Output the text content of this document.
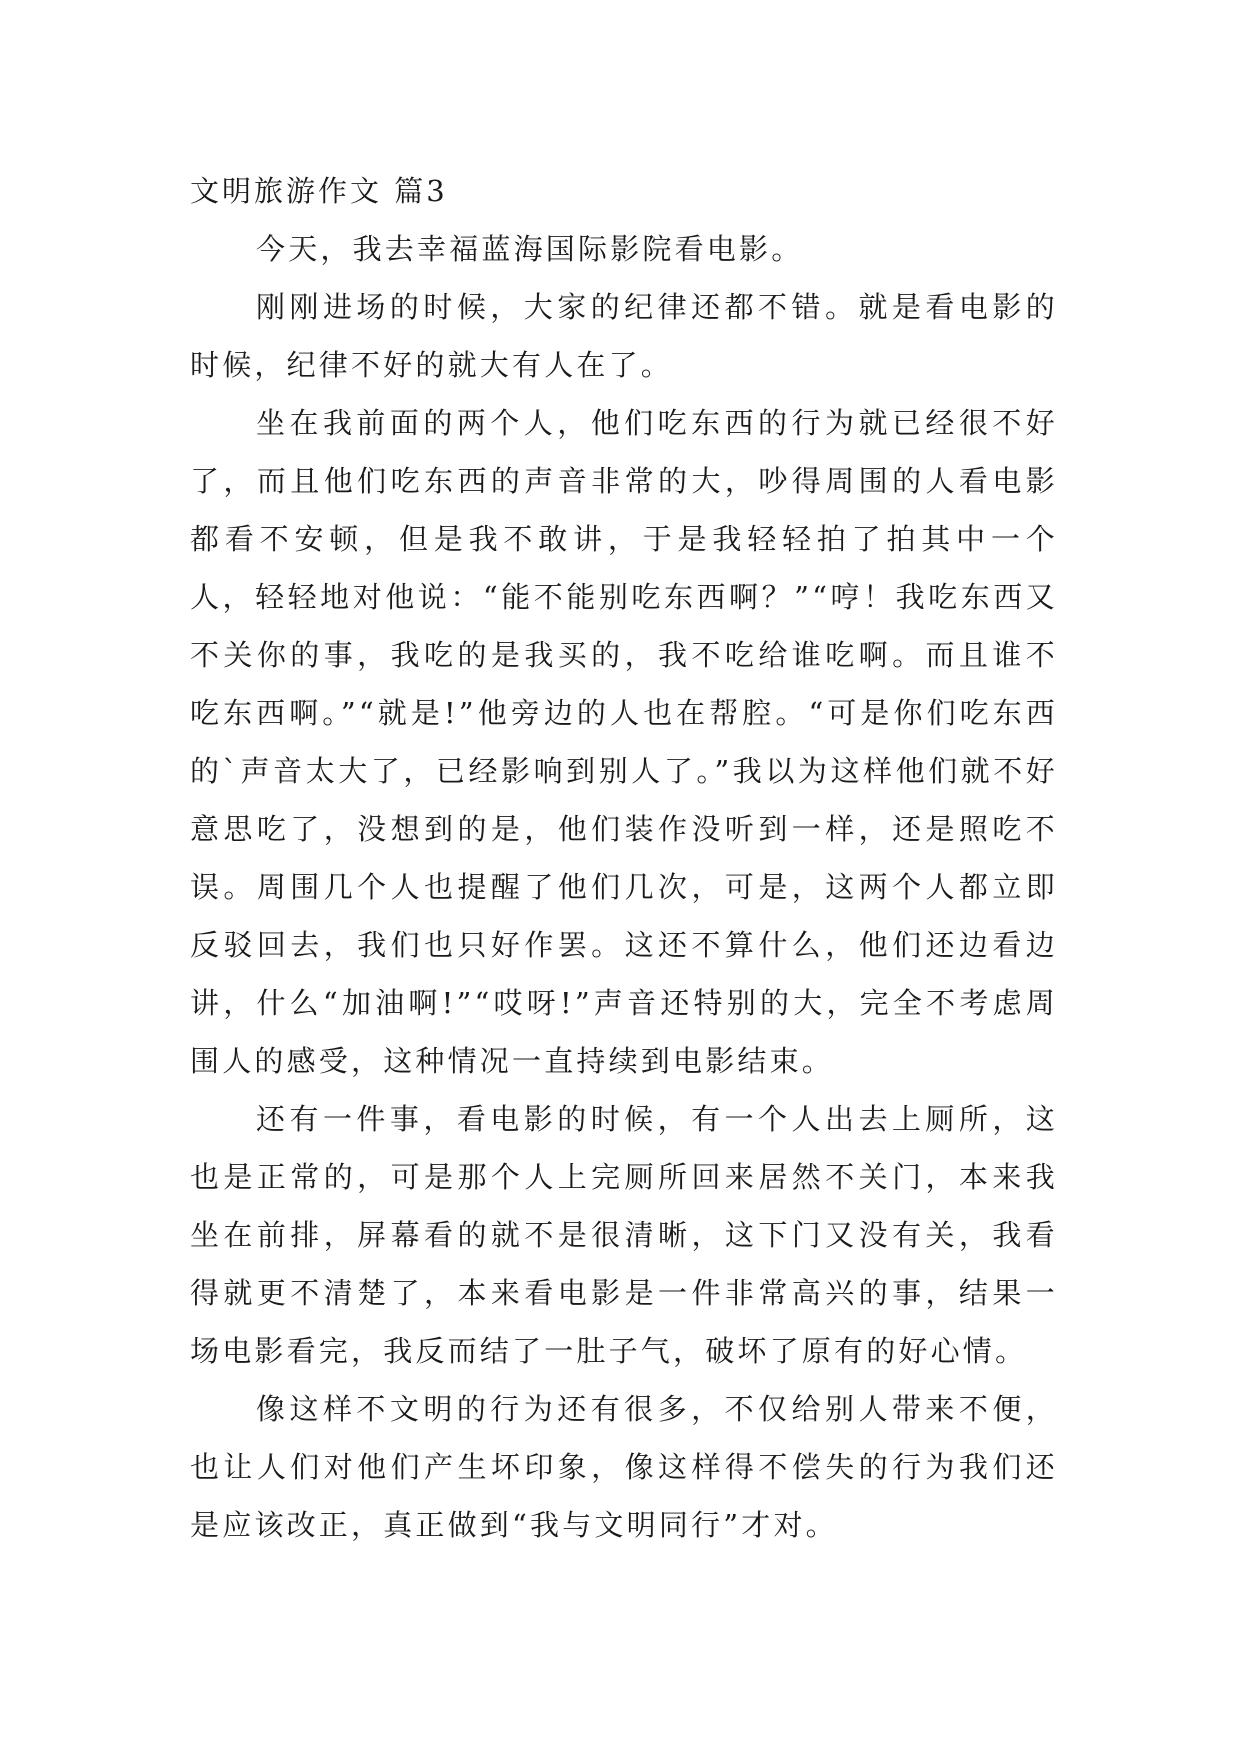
文明旅游作文 篇3

今天，我去幸福蓝海国际影院看电影。

刚刚进场的时候，大家的纪律还都不错。就是看电影的时候，纪律不好的就大有人在了。

坐在我前面的两个人，他们吃东西的行为就已经很不好了，而且他们吃东西的声音非常的大，吵得周围的人看电影都看不安顿，但是我不敢讲，于是我轻轻拍了拍其中一个人，轻轻地对他说：“能不能别吃东西啊？”“哼！我吃东西又不关你的事，我吃的是我买的，我不吃给谁吃啊。而且谁不吃东西啊。”“就是!”他旁边的人也在帮腔。“可是你们吃东西的`声音太大了，已经影响到别人了。”我以为这样他们就不好意思吃了，没想到的是，他们装作没听到一样，还是照吃不误。周围几个人也提醒了他们几次，可是，这两个人都立即反驳回去，我们也只好作罢。这还不算什么，他们还边看边讲，什么“加油啊!”“哎呀!”声音还特别的大，完全不考虑周围人的感受，这种情况一直持续到电影结束。

还有一件事，看电影的时候，有一个人出去上厕所，这也是正常的，可是那个人上完厕所回来居然不关门，本来我坐在前排，屏幕看的就不是很清晰，这下门又没有关，我看得就更不清楚了，本来看电影是一件非常高兴的事，结果一场电影看完，我反而结了一肚子气，破坏了原有的好心情。

像这样不文明的行为还有很多，不仅给别人带来不便，也让人们对他们产生坏印象，像这样得不偿失的行为我们还是应该改正，真正做到“我与文明同行”才对。
